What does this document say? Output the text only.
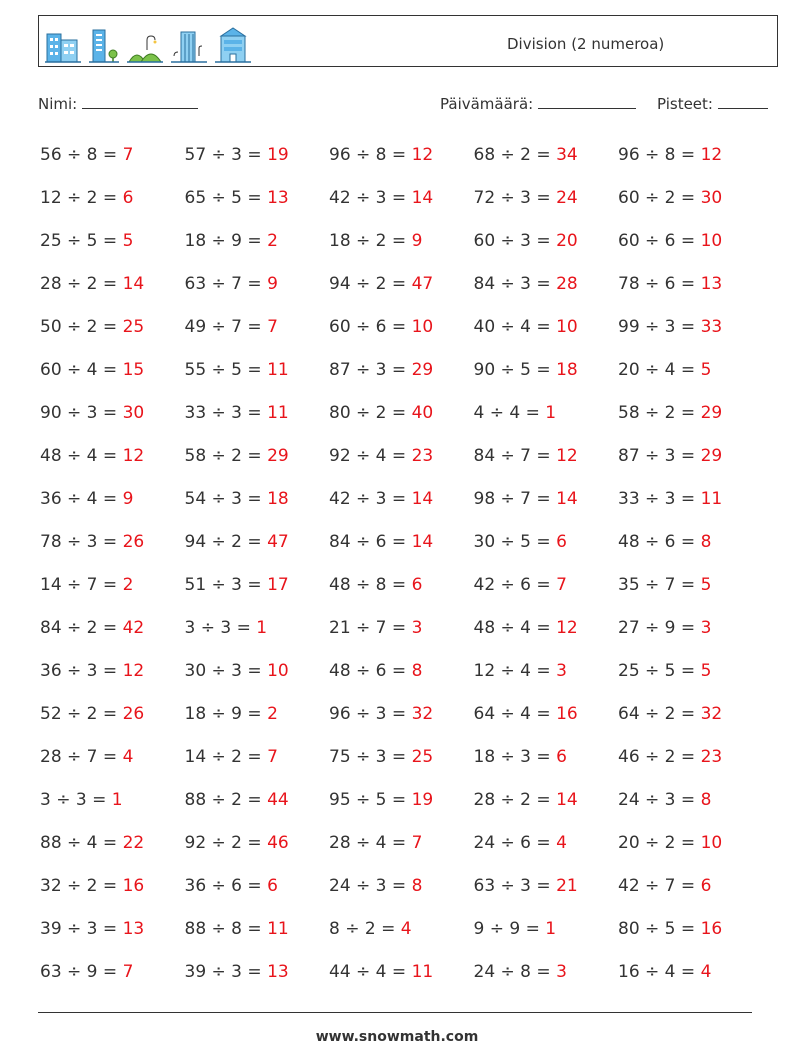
Division (2 numeroa)
Nimi:	Päivämäärä:	Pisteet:
56 ÷ 8 = 7	57 ÷ 3 = 19 96 ÷ 8 = 12 68 ÷ 2 = 34 96 ÷ 8 = 12
12 ÷ 2 = 6	65 ÷ 5 = 13 42 ÷ 3 = 14 72 ÷ 3 = 24 60 ÷ 2 = 30
25 ÷ 5 = 5	18 ÷ 9 = 2	18 ÷ 2 = 9	60 ÷ 3 = 20 60 ÷ 6 = 10
28 ÷ 2 = 14 63 ÷ 7 = 9	94 ÷ 2 = 47 84 ÷ 3 = 28 78 ÷ 6 = 13
50 ÷ 2 = 25 49 ÷ 7 = 7	60 ÷ 6 = 10 40 ÷ 4 = 10 99 ÷ 3 = 33
60 ÷ 4 = 15 55 ÷ 5 = 11 87 ÷ 3 = 29 90 ÷ 5 = 18 20 ÷ 4 = 5
90 ÷ 3 = 30 33 ÷ 3 = 11 80 ÷ 2 = 40 4 ÷ 4 = 1	58 ÷ 2 = 29
48 ÷ 4 = 12 58 ÷ 2 = 29 92 ÷ 4 = 23 84 ÷ 7 = 12 87 ÷ 3 = 29
36 ÷ 4 = 9	54 ÷ 3 = 18 42 ÷ 3 = 14 98 ÷ 7 = 14 33 ÷ 3 = 11
78 ÷ 3 = 26 94 ÷ 2 = 47 84 ÷ 6 = 14 30 ÷ 5 = 6	48 ÷ 6 = 8
14 ÷ 7 = 2	51 ÷ 3 = 17 48 ÷ 8 = 6	42 ÷ 6 = 7	35 ÷ 7 = 5
84 ÷ 2 = 42 3 ÷ 3 = 1	21 ÷ 7 = 3	48 ÷ 4 = 12 27 ÷ 9 = 3
36 ÷ 3 = 12 30 ÷ 3 = 10 48 ÷ 6 = 8	12 ÷ 4 = 3	25 ÷ 5 = 5
52 ÷ 2 = 26 18 ÷ 9 = 2	96 ÷ 3 = 32 64 ÷ 4 = 16 64 ÷ 2 = 32
28 ÷ 7 = 4	14 ÷ 2 = 7	75 ÷ 3 = 25 18 ÷ 3 = 6	46 ÷ 2 = 23
3 ÷ 3 = 1	88 ÷ 2 = 44 95 ÷ 5 = 19 28 ÷ 2 = 14 24 ÷ 3 = 8
88 ÷ 4 = 22 92 ÷ 2 = 46 28 ÷ 4 = 7	24 ÷ 6 = 4	20 ÷ 2 = 10
32 ÷ 2 = 16 36 ÷ 6 = 6	24 ÷ 3 = 8	63 ÷ 3 = 21 42 ÷ 7 = 6
39 ÷ 3 = 13 88 ÷ 8 = 11 8 ÷ 2 = 4	9 ÷ 9 = 1	80 ÷ 5 = 16
63 ÷ 9 = 7	39 ÷ 3 = 13 44 ÷ 4 = 11 24 ÷ 8 = 3	16 ÷ 4 = 4
www.snowmath.com
